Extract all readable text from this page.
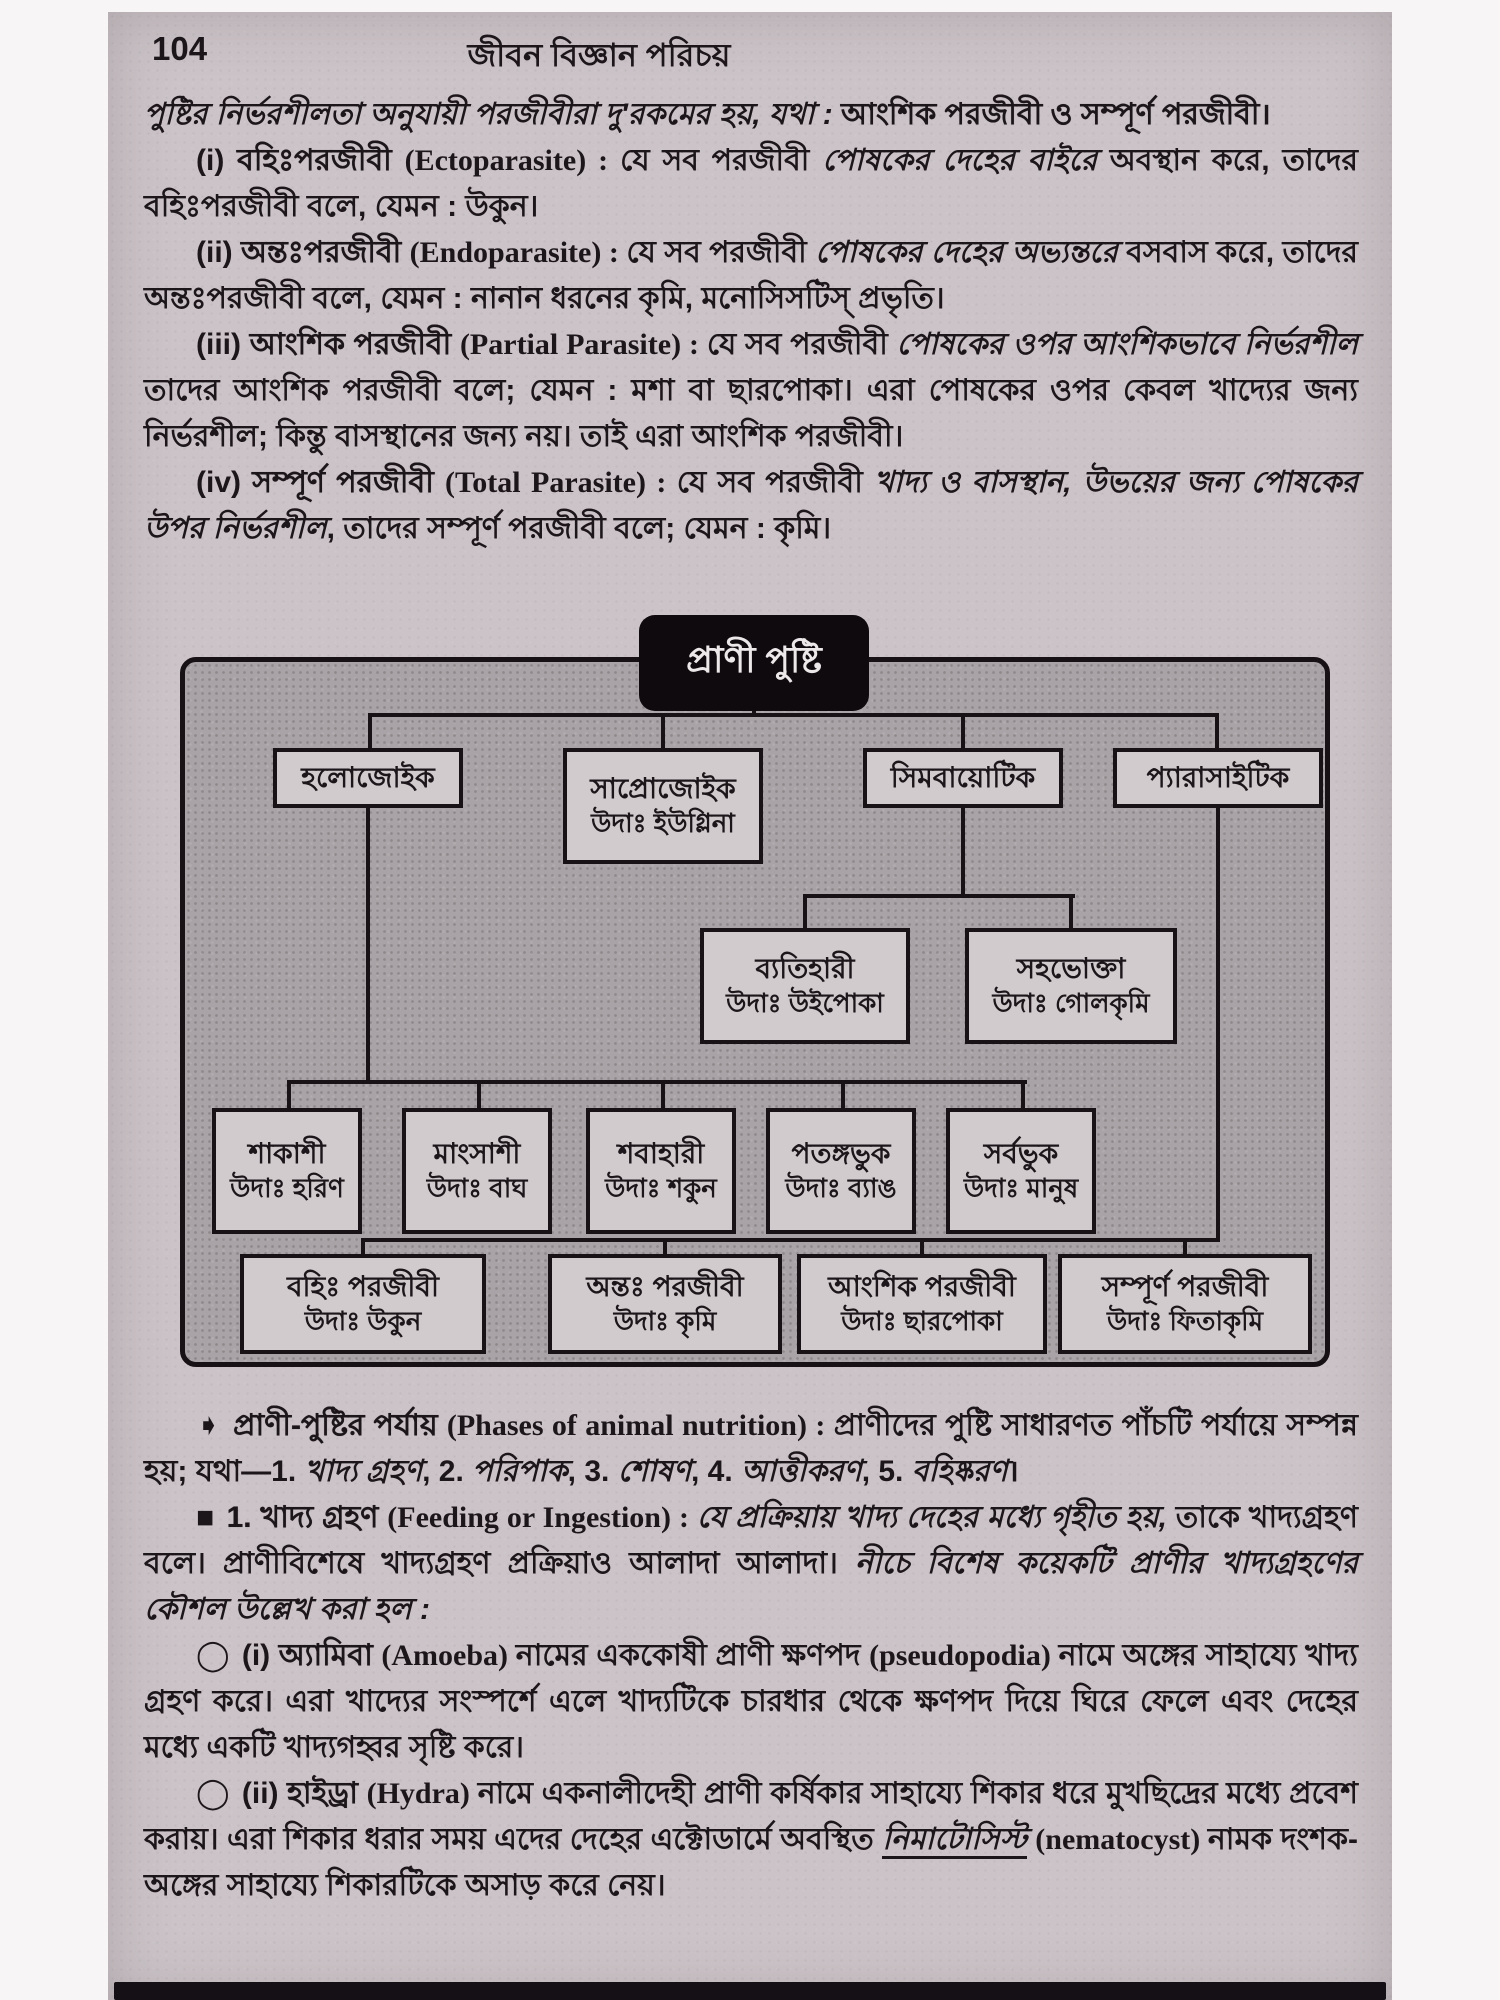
104	জীবন বিজ্ঞান পরিচয়

পুষ্টির নির্ভরশীলতা অনুযায়ী পরজীবীরা দু'রকমের হয়, যথা : আংশিক পরজীবী ও সম্পূর্ণ পরজীবী।

(i) বহিঃপরজীবী (Ectoparasite) : যে সব পরজীবী পোষকের দেহের বাইরে অবস্থান করে, তাদের বহিঃপরজীবী বলে, যেমন : উকুন।

(ii) অন্তঃপরজীবী (Endoparasite) : যে সব পরজীবী পোষকের দেহের অভ্যন্তরে বসবাস করে, তাদের অন্তঃপরজীবী বলে, যেমন : নানান ধরনের কৃমি, মনোসিসটিস্ প্রভৃতি।

(iii) আংশিক পরজীবী (Partial Parasite) : যে সব পরজীবী পোষকের ওপর আংশিকভাবে নির্ভরশীল তাদের আংশিক পরজীবী বলে; যেমন : মশা বা ছারপোকা। এরা পোষকের ওপর কেবল খাদ্যের জন্য নির্ভরশীল; কিন্তু বাসস্থানের জন্য নয়। তাই এরা আংশিক পরজীবী।

(iv) সম্পূর্ণ পরজীবী (Total Parasite) : যে সব পরজীবী খাদ্য ও বাসস্থান, উভয়ের জন্য পোষকের উপর নির্ভরশীল, তাদের সম্পূর্ণ পরজীবী বলে; যেমন : কৃমি।

প্রাণী পুষ্টি
হলোজোইক	সাপ্রোজোইক
উদাঃ ইউগ্লিনা
সিমবায়োটিক	প্যারাসাইটিক
ব্যতিহারী
উদাঃ উইপোকা
সহভোক্তা
উদাঃ গোলকৃমি
শাকাশী
উদাঃ হরিণ
মাংসাশী
উদাঃ বাঘ
শবাহারী
উদাঃ শকুন
পতঙ্গভুক
উদাঃ ব্যাঙ
সর্বভুক
উদাঃ মানুষ
বহিঃ পরজীবী
উদাঃ উকুন
অন্তঃ পরজীবী
উদাঃ কৃমি
আংশিক পরজীবী
উদাঃ ছারপোকা
সম্পূর্ণ পরজীবী
উদাঃ ফিতাকৃমি

➧ প্রাণী-পুষ্টির পর্যায় (Phases of animal nutrition) : প্রাণীদের পুষ্টি সাধারণত পাঁচটি পর্যায়ে সম্পন্ন হয়; যথা—1. খাদ্য গ্রহণ, 2. পরিপাক, 3. শোষণ, 4. আত্তীকরণ, 5. বহিষ্করণ।

■ 1. খাদ্য গ্রহণ (Feeding or Ingestion) : যে প্রক্রিয়ায় খাদ্য দেহের মধ্যে গৃহীত হয়, তাকে খাদ্যগ্রহণ বলে। প্রাণীবিশেষে খাদ্যগ্রহণ প্রক্রিয়াও আলাদা আলাদা। নীচে বিশেষ কয়েকটি প্রাণীর খাদ্যগ্রহণের কৌশল উল্লেখ করা হল :

◯ (i) অ্যামিবা (Amoeba) নামের এককোষী প্রাণী ক্ষণপদ (pseudopodia) নামে অঙ্গের সাহায্যে খাদ্য গ্রহণ করে। এরা খাদ্যের সংস্পর্শে এলে খাদ্যটিকে চারধার থেকে ক্ষণপদ দিয়ে ঘিরে ফেলে এবং দেহের মধ্যে একটি খাদ্যগহ্বর সৃষ্টি করে।

◯ (ii) হাইড্রা (Hydra) নামে একনালীদেহী প্রাণী কর্ষিকার সাহায্যে শিকার ধরে মুখছিদ্রের মধ্যে প্রবেশ করায়। এরা শিকার ধরার সময় এদের দেহের এক্টোডার্মে অবস্থিত নিমাটোসিস্ট (nematocyst) নামক দংশক-অঙ্গের সাহায্যে শিকারটিকে অসাড় করে নেয়।
